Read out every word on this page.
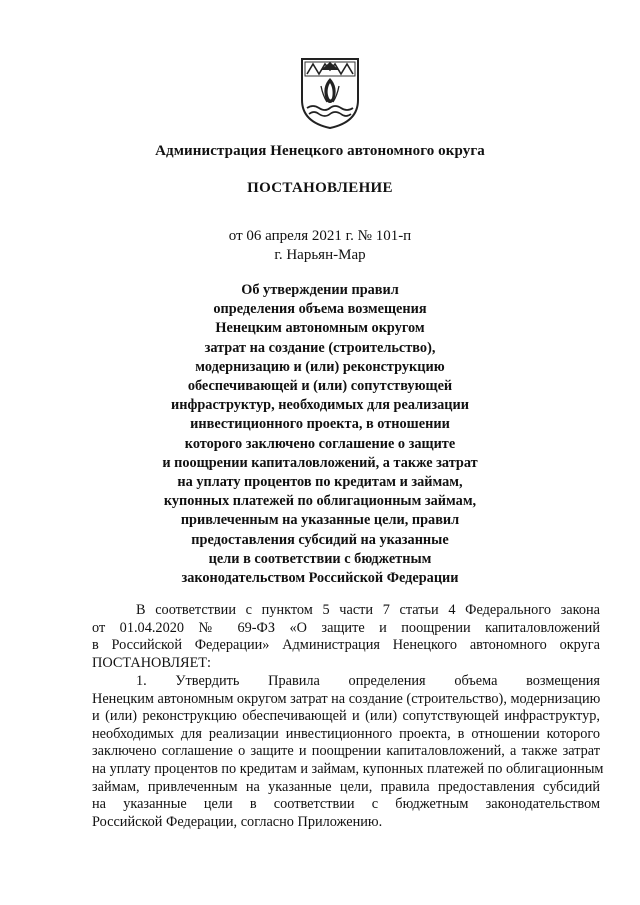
Администрация Ненецкого автономного округа
ПОСТАНОВЛЕНИЕ
от 06 апреля 2021 г. № 101-п
г. Нарьян-Мар
Об утверждении правил
определения объема возмещения
Ненецким автономным округом
затрат на создание (строительство),
модернизацию и (или) реконструкцию
обеспечивающей и (или) сопутствующей
инфраструктур, необходимых для реализации
инвестиционного проекта, в отношении
которого заключено соглашение о защите
и поощрении капиталовложений, а также затрат
на уплату процентов по кредитам и займам,
купонных платежей по облигационным займам,
привлеченным на указанные цели, правил
предоставления субсидий на указанные
цели в соответствии с бюджетным
законодательством Российской Федерации
В соответствии с пунктом 5 части 7 статьи 4 Федерального закона
от 01.04.2020 № 69-ФЗ «О защите и поощрении капиталовложений
в Российской Федерации» Администрация Ненецкого автономного округа
ПОСТАНОВЛЯЕТ:
1. Утвердить Правила определения объема возмещения
Ненецким автономным округом затрат на создание (строительство), модернизацию
и (или) реконструкцию обеспечивающей и (или) сопутствующей инфраструктур,
необходимых для реализации инвестиционного проекта, в отношении которого
заключено соглашение о защите и поощрении капиталовложений, а также затрат
на уплату процентов по кредитам и займам, купонных платежей по облигационным
займам, привлеченным на указанные цели, правила предоставления субсидий
на указанные цели в соответствии с бюджетным законодательством
Российской Федерации, согласно Приложению.
